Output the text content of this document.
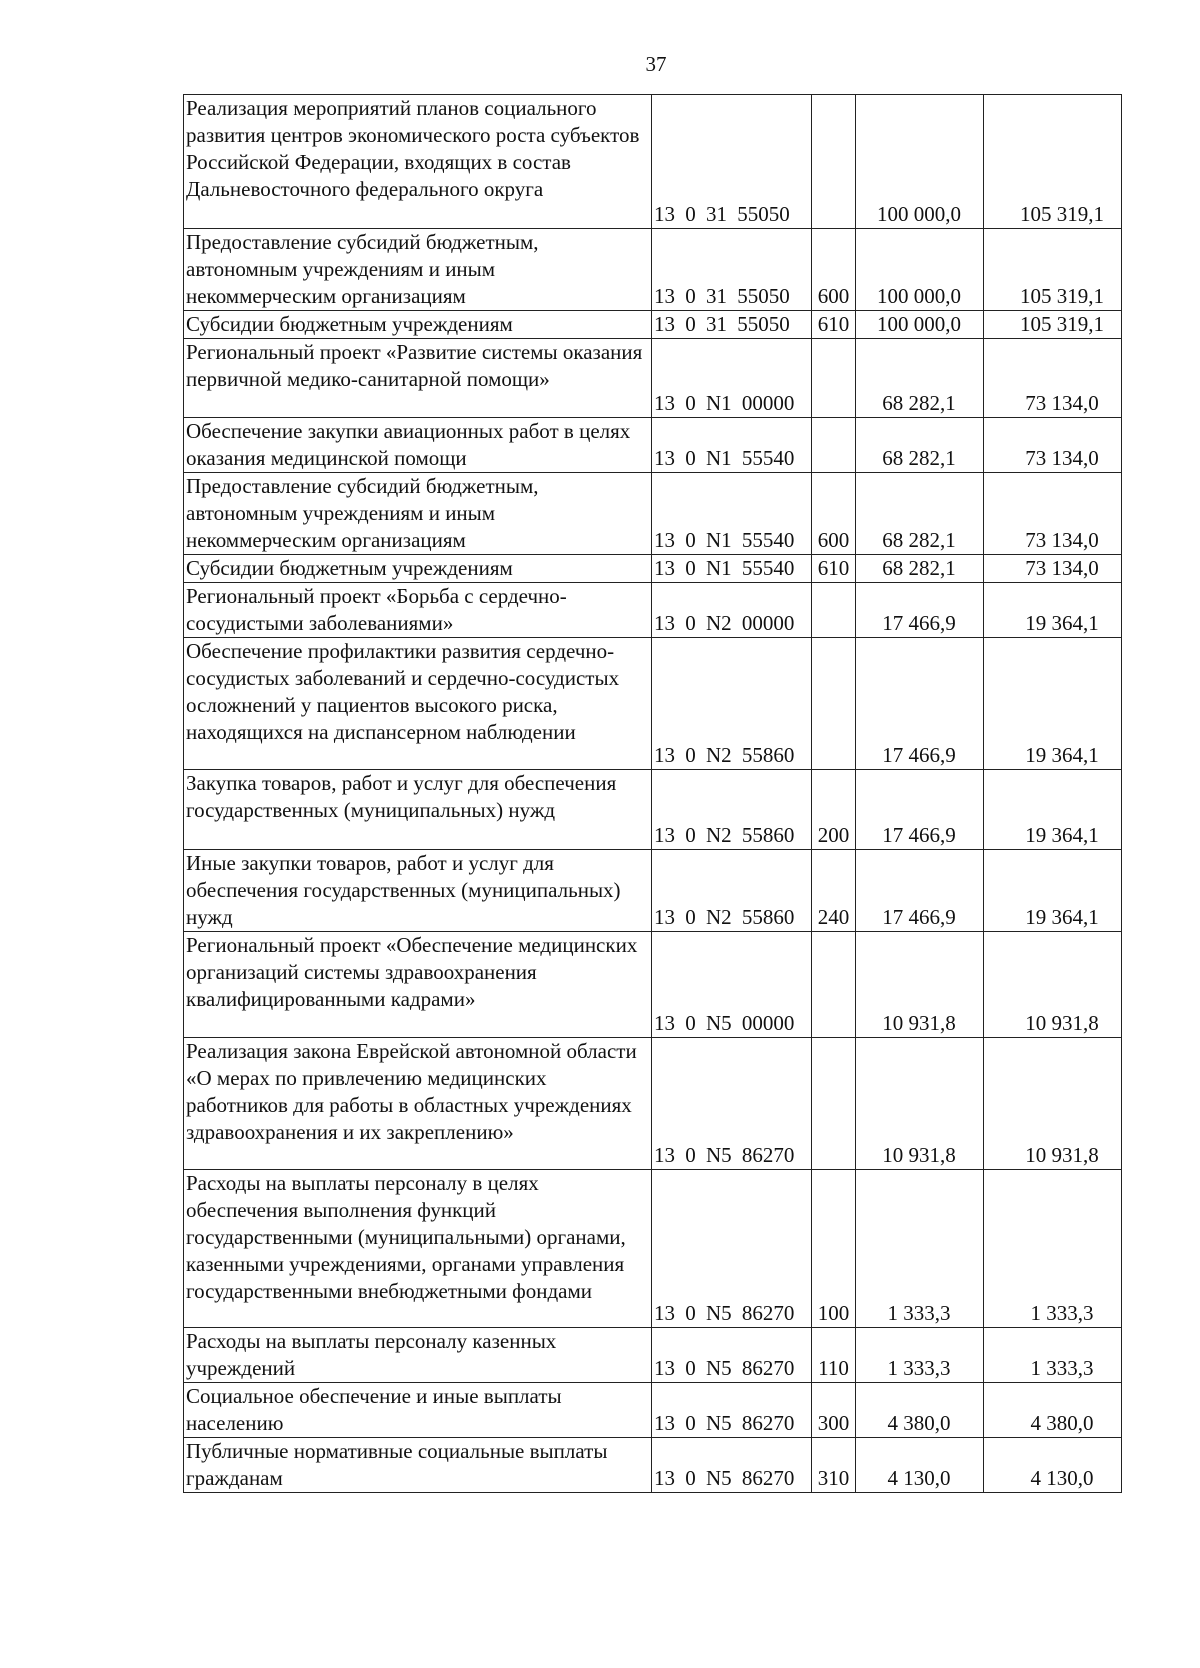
37
Реализация мероприятий планов социального развития центров экономического роста субъектов Российской Федерации, входящих в состав Дальневосточного федерального округа	13 0 31 55050		100 000,0	105 319,1
Предоставление субсидий бюджетным, автономным учреждениям и иным некоммерческим организациям	13 0 31 55050	600	100 000,0	105 319,1
Субсидии бюджетным учреждениям	13 0 31 55050	610	100 000,0	105 319,1
Региональный проект «Развитие системы оказания первичной медико-санитарной помощи»	13 0 N1 00000		68 282,1	73 134,0
Обеспечение закупки авиационных работ в целях оказания медицинской помощи	13 0 N1 55540		68 282,1	73 134,0
Предоставление субсидий бюджетным, автономным учреждениям и иным некоммерческим организациям	13 0 N1 55540	600	68 282,1	73 134,0
Субсидии бюджетным учреждениям	13 0 N1 55540	610	68 282,1	73 134,0
Региональный проект «Борьба с сердечно-сосудистыми заболеваниями»	13 0 N2 00000		17 466,9	19 364,1
Обеспечение профилактики развития сердечно-сосудистых заболеваний и сердечно-сосудистых осложнений у пациентов высокого риска, находящихся на диспансерном наблюдении	13 0 N2 55860		17 466,9	19 364,1
Закупка товаров, работ и услуг для обеспечения государственных (муниципальных) нужд	13 0 N2 55860	200	17 466,9	19 364,1
Иные закупки товаров, работ и услуг для обеспечения государственных (муниципальных) нужд	13 0 N2 55860	240	17 466,9	19 364,1
Региональный проект «Обеспечение медицинских организаций системы здравоохранения квалифицированными кадрами»	13 0 N5 00000		10 931,8	10 931,8
Реализация закона Еврейской автономной области «О мерах по привлечению медицинских работников для работы в областных учреждениях здравоохранения и их закреплению»	13 0 N5 86270		10 931,8	10 931,8
Расходы на выплаты персоналу в целях обеспечения выполнения функций государственными (муниципальными) органами, казенными учреждениями, органами управления государственными внебюджетными фондами	13 0 N5 86270	100	1 333,3	1 333,3
Расходы на выплаты персоналу казенных учреждений	13 0 N5 86270	110	1 333,3	1 333,3
Социальное обеспечение и иные выплаты населению	13 0 N5 86270	300	4 380,0	4 380,0
Публичные нормативные социальные выплаты гражданам	13 0 N5 86270	310	4 130,0	4 130,0
